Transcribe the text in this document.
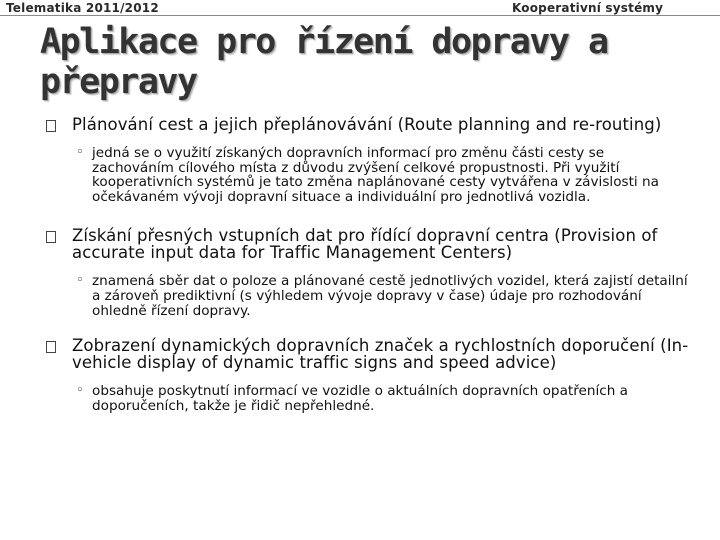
Telematika 2011/2012	Kooperativní systémy
Aplikace pro řízení dopravy a přepravy

Plánování cest a jejich přeplánovávání (Route planning and re-routing)

◦ jedná se o využití získaných dopravních informací pro změnu části cesty se zachováním cílového místa z důvodu zvýšení celkové propustnosti. Při využití kooperativních systémů je tato změna naplánované cesty vytvářena v závislosti na očekávaném vývoji dopravní situace a individuální pro jednotlivá vozidla.

Získání přesných vstupních dat pro řídící dopravní centra (Provision of accurate input data for Traffic Management Centers)

◦ znamená sběr dat o poloze a plánované cestě jednotlivých vozidel, která zajistí detailní a zároveň prediktivní (s výhledem vývoje dopravy v čase) údaje pro rozhodování ohledně řízení dopravy.

Zobrazení dynamických dopravních značek a rychlostních doporučení (In-vehicle display of dynamic traffic signs and speed advice)

◦ obsahuje poskytnutí informací ve vozidle o aktuálních dopravních opatřeních a doporučeních, takže je řidič nepřehledné.
